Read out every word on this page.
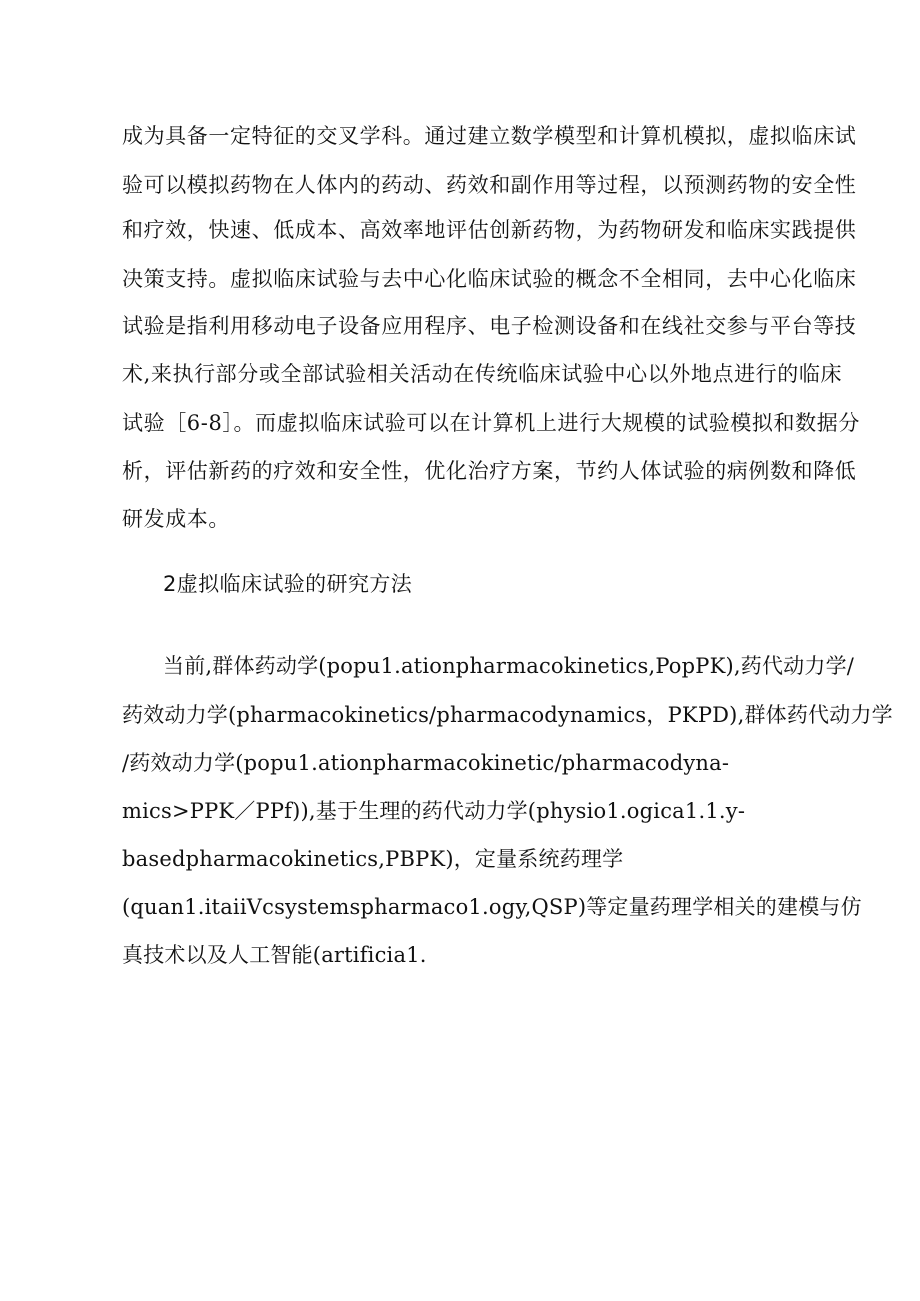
成为具备一定特征的交叉学科。通过建立数学模型和计算机模拟，虚拟临床试
验可以模拟药物在人体内的药动、药效和副作用等过程，以预测药物的安全性
和疗效，快速、低成本、高效率地评估创新药物，为药物研发和临床实践提供
决策支持。虚拟临床试验与去中心化临床试验的概念不全相同，去中心化临床
试验是指利用移动电子设备应用程序、电子检测设备和在线社交参与平台等技
术,来执行部分或全部试验相关活动在传统临床试验中心以外地点进行的临床
试验［6-8］。而虚拟临床试验可以在计算机上进行大规模的试验模拟和数据分
析，评估新药的疗效和安全性，优化治疗方案，节约人体试验的病例数和降低
研发成本。
2虚拟临床试验的研究方法
当前,群体药动学(popu1.ationpharmacokinetics,PopPK),药代动力学/
药效动力学(pharmacokinetics/pharmacodynamics，PKPD),群体药代动力学
/药效动力学(popu1.ationpharmacokinetic/pharmacodyna-
mics>PPK／PPf)),基于生理的药代动力学(physio1.ogica1.1.y-
basedpharmacokinetics,PBPK)，定量系统药理学
(quan1.itaiiVcsystemspharmaco1.ogy,QSP)等定量药理学相关的建模与仿
真技术以及人工智能(artificia1.
